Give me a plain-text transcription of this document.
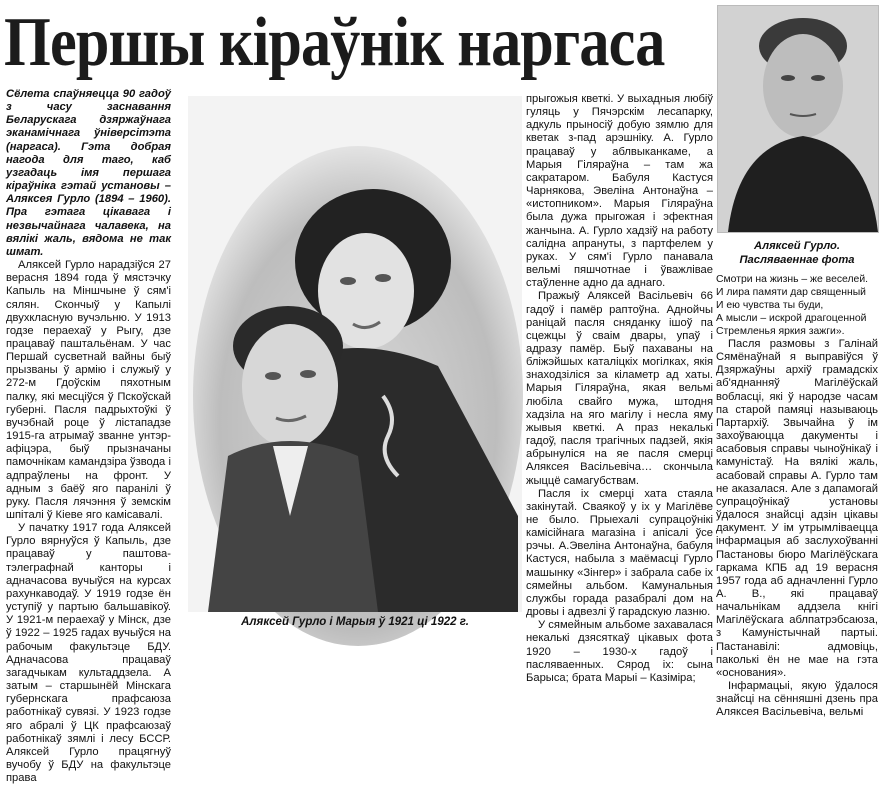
Першы кіраўнік наргаса

Сёлета спаўняецца 90 гадоў з часу заснавання Беларускага дзяржаўнага эканамічнага ўніверсітэта (наргаса). Гэта добрая нагода для таго, каб узгадаць імя першага кіраўніка гэтай установы – Аляксея Гурло (1894 – 1960). Пра гэтага цікавага і незвычайнага чалавека, на вялікі жаль, вядома не так шмат.

Аляксей Гурло нарадзіўся 27 верасня 1894 года ў мястэчку Капыль на Міншчыне ў сям'і сялян. Скончыў у Капылі двухкласную вучэльню. У 1913 годзе пераехаў у Рыгу, дзе працаваў паштальёнам. У час Першай сусветнай вайны быў прызваны ў армію і служыў у 272-м Гдоўскім пяхотным палку, які месціўся ў Пскоўскай губерні. Пасля падрыхтоўкі ў вучэбнай роце ў лістападзе 1915-га атрымаў званне унтэр-афіцэра, быў прызначаны памочнікам камандзіра ўзвода і адпраўлены на фронт. У адным з баёў яго паранілі ў руку. Пасля лячэння ў земскім шпіталі ў Кіеве яго камісавалі.

У пачатку 1917 года Аляксей Гурло вярнуўся ў Капыль, дзе працаваў у паштова-тэлеграфнай канторы і адначасова вучыўся на курсах рахункаводаў. У 1919 годзе ён уступіў у партыю бальшавікоў. У 1921-м пераехаў у Мінск, дзе ў 1922 – 1925 гадах вучыўся на рабочым факультэце БДУ. Адначасова працаваў загадчыкам культаддзела. А затым – старшынёй Мінскага губернскага прафсаюза работнікаў сувязі. У 1923 годзе яго абралі ў ЦК прафсаюзаў работнікаў зямлі і лесу БССР. Аляксей Гурло працягнуў вучобу ў БДУ на факультэце права

Аляксей Гурло і Марыя ў 1921 ці 1922 г.

прыгожыя кветкі. У выхадныя любіў гуляць у Пячэрскім лесапарку, адкуль прыносіў добую зямлю для кветак з-пад арэшніку. А. Гурло працаваў у аблвыканкаме, а Марыя Гіляраўна – там жа сакратаром. Бабуля Кастуся Чарнякова, Эвеліна Антонаўна – «истопником». Марыя Гіляраўна была дужа прыгожая і эфектная жанчына. А. Гурло хадзіў на работу салідна апрануты, з партфелем у руках. У сям'і Гурло панавала вельмі пяшчотнае і ўважлівае стаўленне адно да аднаго.

Пражыў Аляксей Васільевіч 66 гадоў і памёр раптоўна. Аднойчы раніцай пасля сняданку ішоў па сцежцы ў сваім двары, упаў і адразу памёр. Быў пахаваны на бліжэйшых каталіцкіх могілках, якія знаходзіліся за кіламетр ад хаты. Марыя Гіляраўна, якая вельмі любіла свайго мужа, штодня хадзіла на яго магілу і несла яму жывыя кветкі. А праз некалькі гадоў, пасля трагічных падзей, якія абрынуліся на яе пасля смерці Аляксея Васільевіча… скончыла жыццё самагубствам.

Пасля іх смерці хата стаяла закінутай. Сваякоў у іх у Магілёве не было. Прыехалі супрацоўнікі камісійнага магазіна і апісалі ўсе рэчы. А.Эвеліна Антонаўна, бабуля Кастуся, набыла з маёмасці Гурло машынку «Зінгер» і забрала сабе іх сямейны альбом. Камунальныя службы горада разабралі дом на дровы і адвезлі ў гарадскую лазню.

У сямейным альбоме захавалася некалькі дзясяткаў цікавых фота 1920 – 1930-х гадоў і пасляваенных. Сярод іх: сына Барыса; брата Марыі – Казіміра;

Аляксей Гурло.
Пасляваеннае фота
Смотри на жизнь – же веселей.
И лира памяти дар священный
И ею чувства ты буди,
А мысли – искрой драгоценной
Стремленья яркия зажги».

Пасля размовы з Галінай Сямёнаўнай я выправіўся ў Дзяржаўны архіў грамадскіх аб'яднанняў Магілёўскай вобласці, які ў народзе часам па старой памяці называюць Партархіў. Звычайна ў ім захоўваюцца дакументы і асабовыя справы чыноўнікаў і камуністаў. На вялікі жаль, асабовай справы А. Гурло там не аказалася. Але з дапамогай супрацоўнікаў установы ўдалося знайсці адзін цікавы дакумент. У ім утрымліваецца інфармацыя аб заслухоўванні Пастановы бюро Магілёўскага гаркама КПБ ад 19 верасня 1957 года аб адначленні Гурло А. В., які працаваў начальнікам аддзела кнігі Магілёўскага аблпатрэбсаюза, з Камуністычнай партыі. Пастанавілі: адмовіць, паколькі ён не мае на гэта «основания».

Інфармацыі, якую ўдалося знайсці на сённяшні дзень пра Аляксея Васільевіча, вельмі
